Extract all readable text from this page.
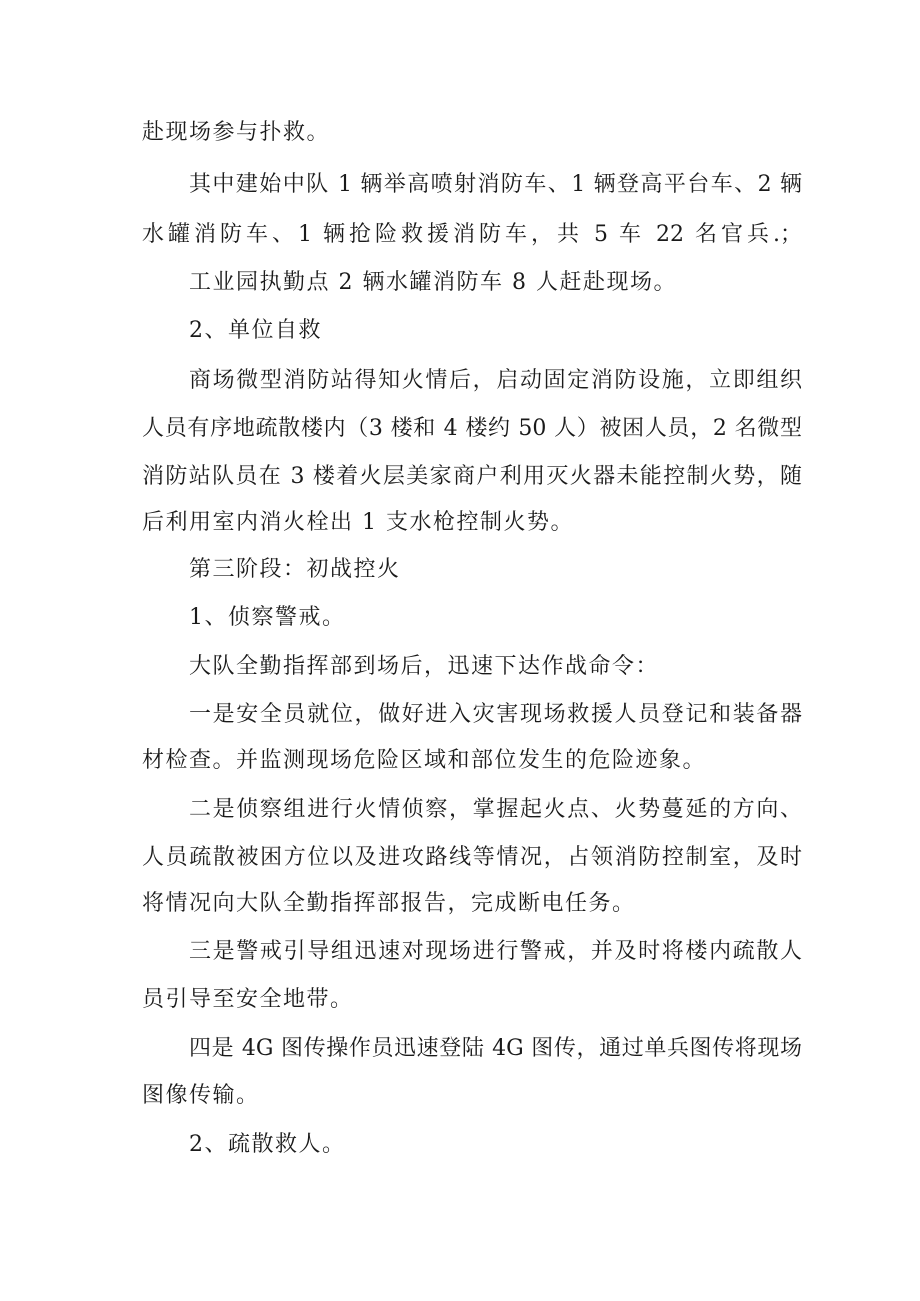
赴现场参与扑救。
其中建始中队 1 辆举高喷射消防车、1 辆登高平台车、2 辆
水罐消防车、1 辆抢险救援消防车，共 5 车 22 名官兵.；
工业园执勤点 2 辆水罐消防车 8 人赶赴现场。
2、单位自救
商场微型消防站得知火情后，启动固定消防设施，立即组织
人员有序地疏散楼内（3 楼和 4 楼约 50 人）被困人员，2 名微型
消防站队员在 3 楼着火层美家商户利用灭火器未能控制火势，随
后利用室内消火栓出 1 支水枪控制火势。
第三阶段：初战控火
1、侦察警戒。
大队全勤指挥部到场后，迅速下达作战命令：
一是安全员就位，做好进入灾害现场救援人员登记和装备器
材检查。并监测现场危险区域和部位发生的危险迹象。
二是侦察组进行火情侦察，掌握起火点、火势蔓延的方向、
人员疏散被困方位以及进攻路线等情况，占领消防控制室，及时
将情况向大队全勤指挥部报告，完成断电任务。
三是警戒引导组迅速对现场进行警戒，并及时将楼内疏散人
员引导至安全地带。
四是 4G 图传操作员迅速登陆 4G 图传，通过单兵图传将现场
图像传输。
2、疏散救人。
